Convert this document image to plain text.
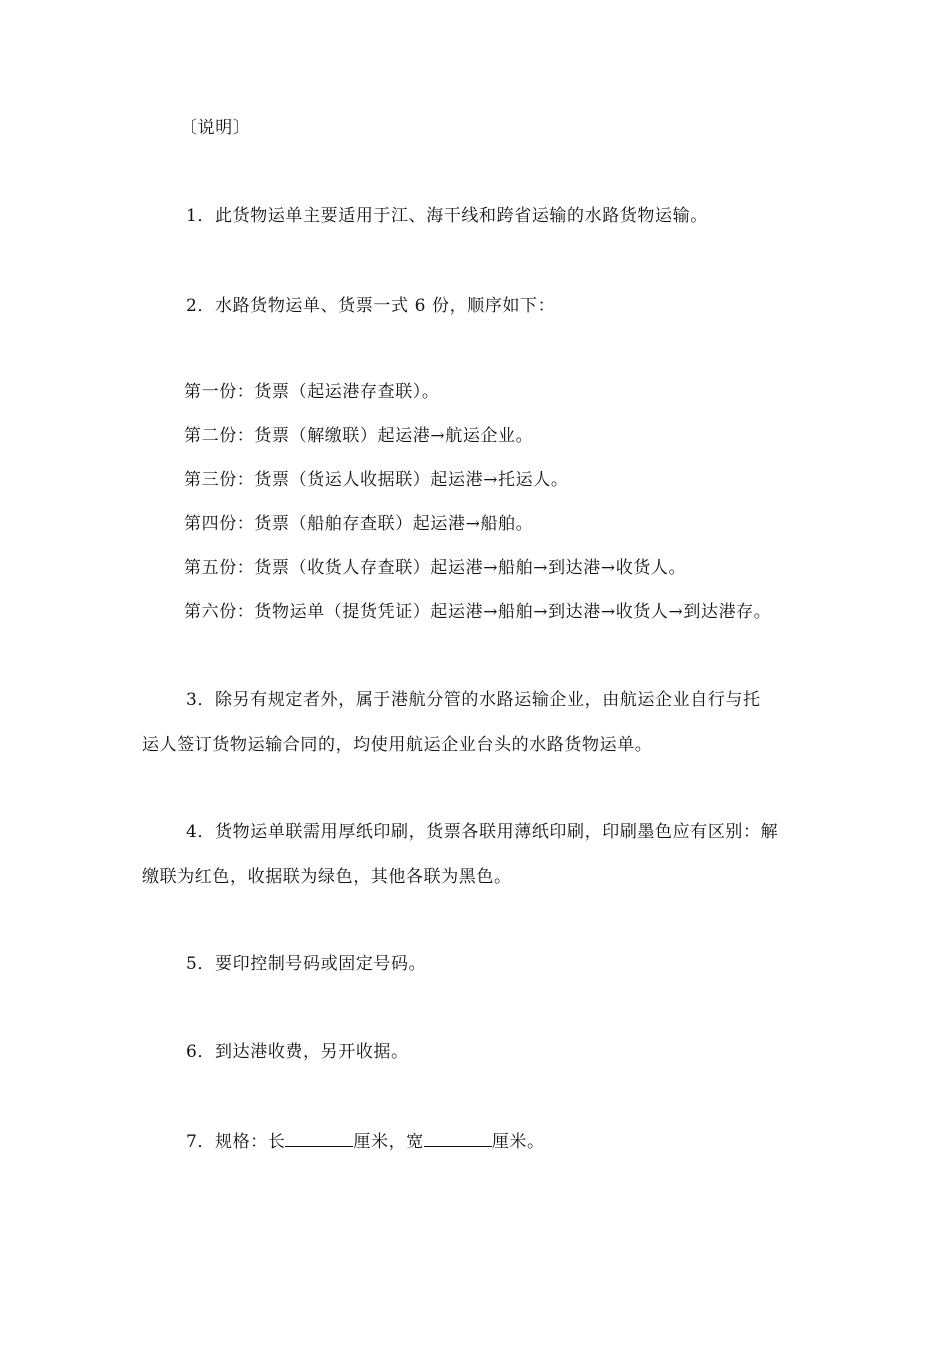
〔说明〕
1．此货物运单主要适用于江、海干线和跨省运输的水路货物运输。
2．水路货物运单、货票一式 6 份，顺序如下：
第一份：货票（起运港存查联）。
第二份：货票（解缴联）起运港→航运企业。
第三份：货票（货运人收据联）起运港→托运人。
第四份：货票（船舶存查联）起运港→船舶。
第五份：货票（收货人存查联）起运港→船舶→到达港→收货人。
第六份：货物运单（提货凭证）起运港→船舶→到达港→收货人→到达港存。
3．除另有规定者外，属于港航分管的水路运输企业，由航运企业自行与托
运人签订货物运输合同的，均使用航运企业台头的水路货物运单。
4．货物运单联需用厚纸印刷，货票各联用薄纸印刷，印刷墨色应有区别：解
缴联为红色，收据联为绿色，其他各联为黑色。
5．要印控制号码或固定号码。
6．到达港收费，另开收据。
7．规格：长	厘米，宽	厘米。
